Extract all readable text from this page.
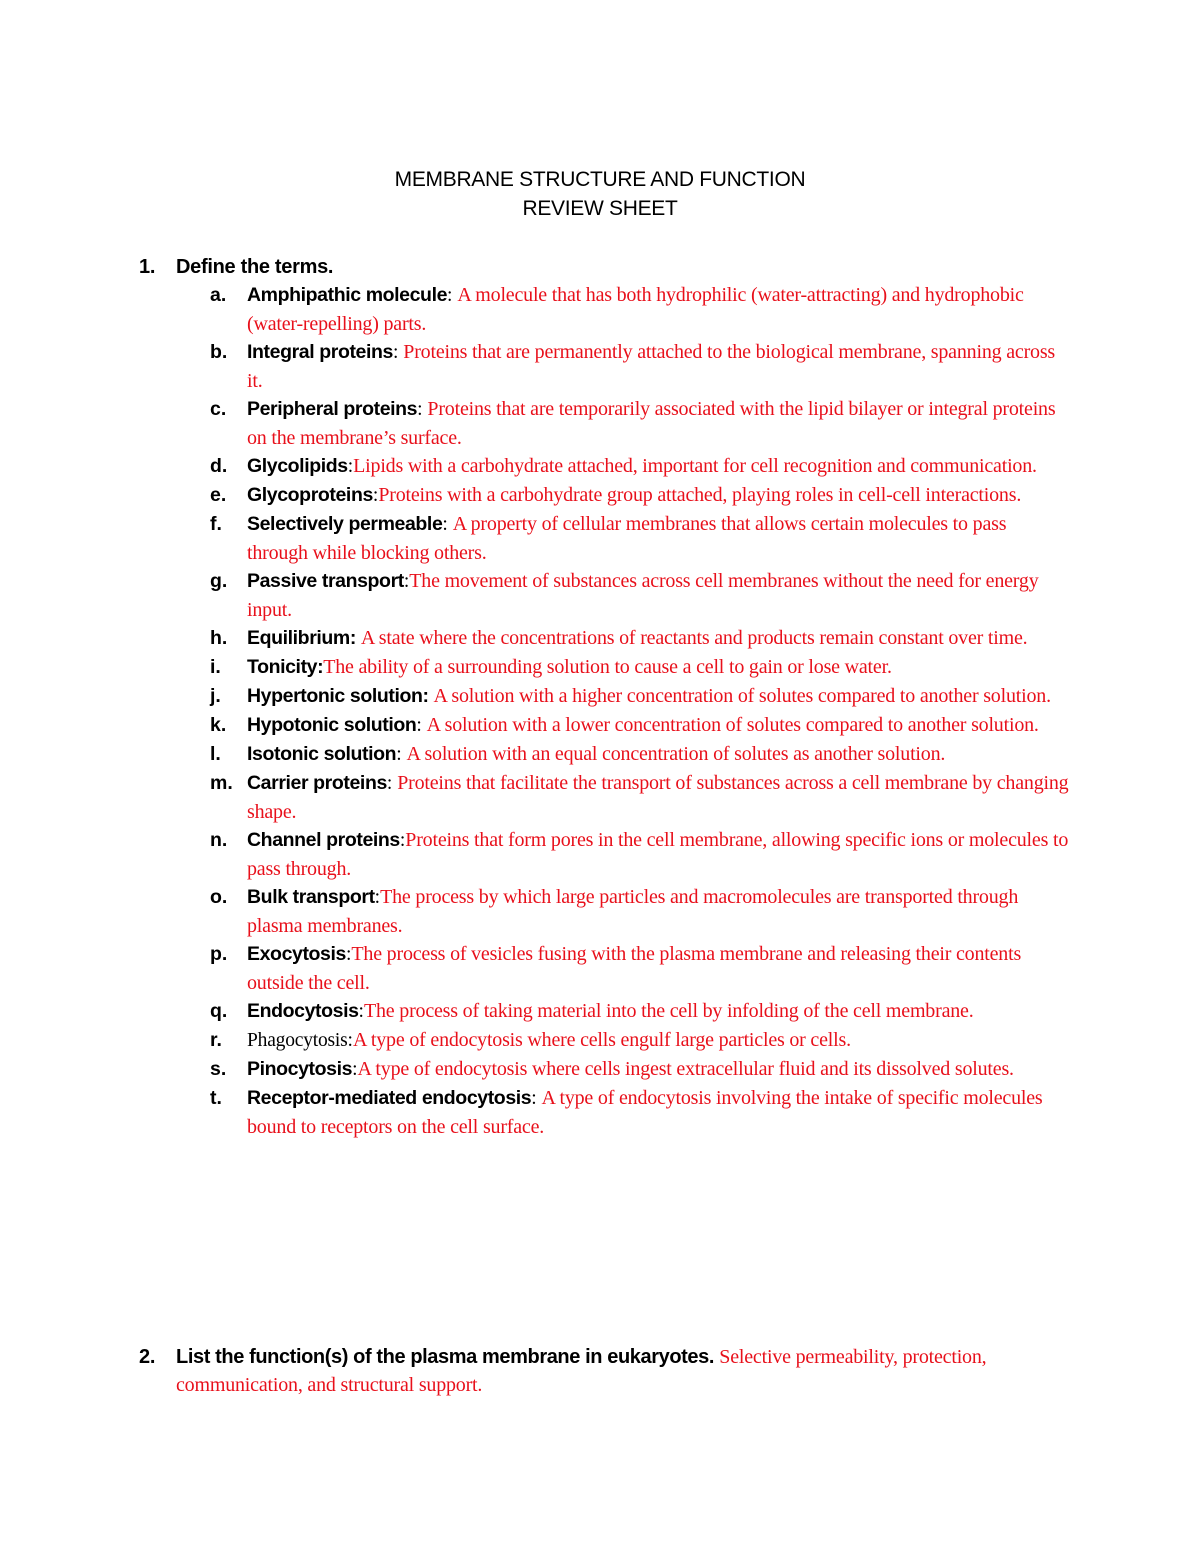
MEMBRANE STRUCTURE AND FUNCTION
REVIEW SHEET
1. Define the terms.
a. Amphipathic molecule: A molecule that has both hydrophilic (water-attracting) and hydrophobic (water-repelling) parts.
b. Integral proteins: Proteins that are permanently attached to the biological membrane, spanning across it.
c. Peripheral proteins: Proteins that are temporarily associated with the lipid bilayer or integral proteins on the membrane’s surface.
d. Glycolipids:Lipids with a carbohydrate attached, important for cell recognition and communication.
e. Glycoproteins:Proteins with a carbohydrate group attached, playing roles in cell-cell interactions.
f. Selectively permeable: A property of cellular membranes that allows certain molecules to pass through while blocking others.
g. Passive transport:The movement of substances across cell membranes without the need for energy input.
h. Equilibrium: A state where the concentrations of reactants and products remain constant over time.
i. Tonicity:The ability of a surrounding solution to cause a cell to gain or lose water.
j. Hypertonic solution: A solution with a higher concentration of solutes compared to another solution.
k. Hypotonic solution: A solution with a lower concentration of solutes compared to another solution.
l. Isotonic solution: A solution with an equal concentration of solutes as another solution.
m. Carrier proteins: Proteins that facilitate the transport of substances across a cell membrane by changing shape.
n. Channel proteins:Proteins that form pores in the cell membrane, allowing specific ions or molecules to pass through.
o. Bulk transport:The process by which large particles and macromolecules are transported through plasma membranes.
p. Exocytosis:The process of vesicles fusing with the plasma membrane and releasing their contents outside the cell.
q. Endocytosis:The process of taking material into the cell by infolding of the cell membrane.
r. Phagocytosis:A type of endocytosis where cells engulf large particles or cells.
s. Pinocytosis:A type of endocytosis where cells ingest extracellular fluid and its dissolved solutes.
t. Receptor-mediated endocytosis: A type of endocytosis involving the intake of specific molecules bound to receptors on the cell surface.
2. List the function(s) of the plasma membrane in eukaryotes. Selective permeability, protection, communication, and structural support.
